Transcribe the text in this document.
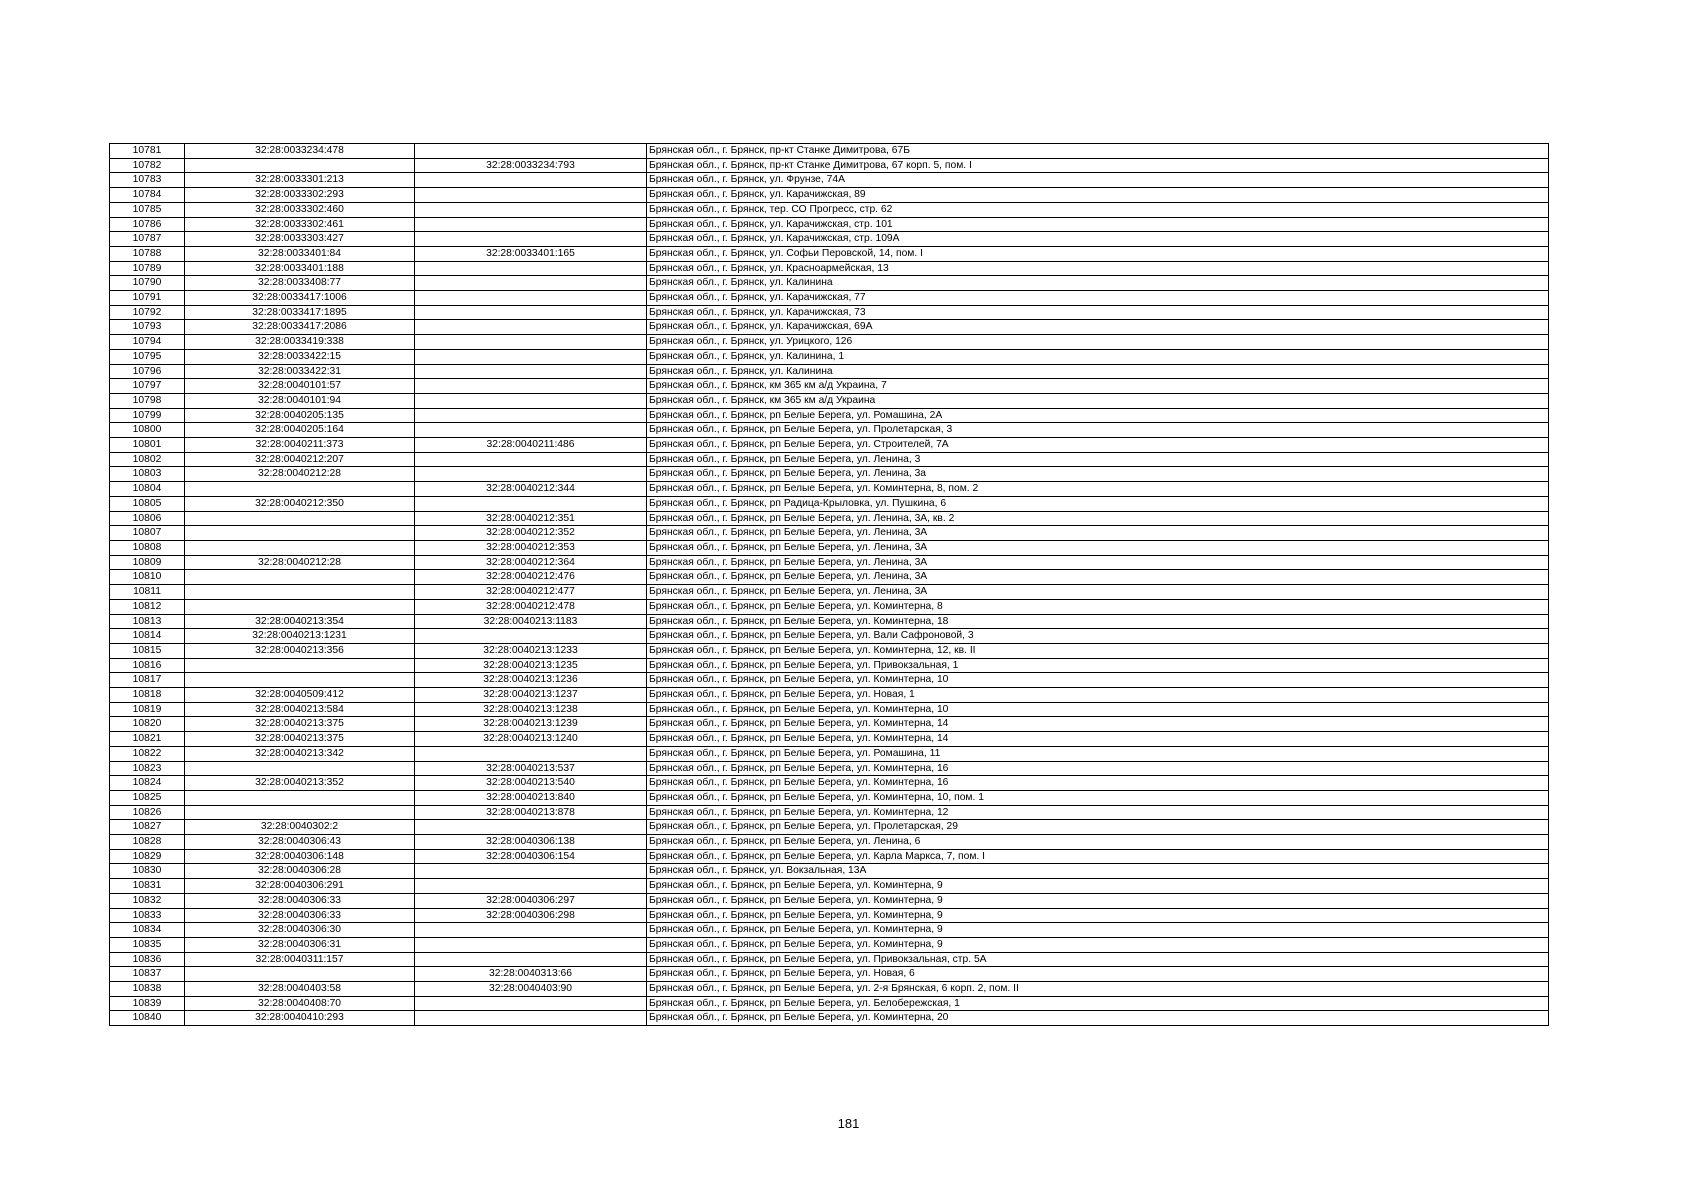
10781	32:28:0033234:478		Брянская обл., г. Брянск, пр-кт Станке Димитрова, 67Б
10782		32:28:0033234:793	Брянская обл., г. Брянск, пр-кт Станке Димитрова, 67 корп. 5, пом. I
10783	32:28:0033301:213		Брянская обл., г. Брянск, ул. Фрунзе, 74А
10784	32:28:0033302:293		Брянская обл., г. Брянск, ул. Карачижская, 89
10785	32:28:0033302:460		Брянская обл., г. Брянск, тер. СО Прогресс, стр. 62
10786	32:28:0033302:461		Брянская обл., г. Брянск, ул. Карачижская, стр. 101
10787	32:28:0033303:427		Брянская обл., г. Брянск, ул. Карачижская, стр. 109А
10788	32:28:0033401:84	32:28:0033401:165	Брянская обл., г. Брянск, ул. Софьи Перовской, 14, пом. I
10789	32:28:0033401:188		Брянская обл., г. Брянск, ул. Красноармейская, 13
10790	32:28:0033408:77		Брянская обл., г. Брянск, ул. Калинина
10791	32:28:0033417:1006		Брянская обл., г. Брянск, ул. Карачижская, 77
10792	32:28:0033417:1895		Брянская обл., г. Брянск, ул. Карачижская, 73
10793	32:28:0033417:2086		Брянская обл., г. Брянск, ул. Карачижская, 69А
10794	32:28:0033419:338		Брянская обл., г. Брянск, ул. Урицкого, 126
10795	32:28:0033422:15		Брянская обл., г. Брянск, ул. Калинина, 1
10796	32:28:0033422:31		Брянская обл., г. Брянск, ул. Калинина
10797	32:28:0040101:57		Брянская обл., г. Брянск, км 365 км а/д Украина, 7
10798	32:28:0040101:94		Брянская обл., г. Брянск, км 365 км а/д Украина
10799	32:28:0040205:135		Брянская обл., г. Брянск, рп Белые Берега, ул. Ромашина, 2А
10800	32:28:0040205:164		Брянская обл., г. Брянск, рп Белые Берега, ул. Пролетарская, 3
10801	32:28:0040211:373	32:28:0040211:486	Брянская обл., г. Брянск, рп Белые Берега, ул. Строителей, 7А
10802	32:28:0040212:207		Брянская обл., г. Брянск, рп Белые Берега, ул. Ленина, 3
10803	32:28:0040212:28		Брянская обл., г. Брянск, рп Белые Берега, ул. Ленина, 3а
10804		32:28:0040212:344	Брянская обл., г. Брянск, рп Белые Берега, ул. Коминтерна, 8, пом. 2
10805	32:28:0040212:350		Брянская обл., г. Брянск, рп Радица-Крыловка, ул. Пушкина, 6
10806		32:28:0040212:351	Брянская обл., г. Брянск, рп Белые Берега, ул. Ленина, 3А, кв. 2
10807		32:28:0040212:352	Брянская обл., г. Брянск, рп Белые Берега, ул. Ленина, 3А
10808		32:28:0040212:353	Брянская обл., г. Брянск, рп Белые Берега, ул. Ленина, 3А
10809	32:28:0040212:28	32:28:0040212:364	Брянская обл., г. Брянск, рп Белые Берега, ул. Ленина, 3А
10810		32:28:0040212:476	Брянская обл., г. Брянск, рп Белые Берега, ул. Ленина, 3А
10811		32:28:0040212:477	Брянская обл., г. Брянск, рп Белые Берега, ул. Ленина, 3А
10812		32:28:0040212:478	Брянская обл., г. Брянск, рп Белые Берега, ул. Коминтерна, 8
10813	32:28:0040213:354	32:28:0040213:1183	Брянская обл., г. Брянск, рп Белые Берега, ул. Коминтерна, 18
10814	32:28:0040213:1231		Брянская обл., г. Брянск, рп Белые Берега, ул. Вали Сафроновой, 3
10815	32:28:0040213:356	32:28:0040213:1233	Брянская обл., г. Брянск, рп Белые Берега, ул. Коминтерна, 12, кв. II
10816		32:28:0040213:1235	Брянская обл., г. Брянск, рп Белые Берега, ул. Привокзальная, 1
10817		32:28:0040213:1236	Брянская обл., г. Брянск, рп Белые Берега, ул. Коминтерна, 10
10818	32:28:0040509:412	32:28:0040213:1237	Брянская обл., г. Брянск, рп Белые Берега, ул. Новая, 1
10819	32:28:0040213:584	32:28:0040213:1238	Брянская обл., г. Брянск, рп Белые Берега, ул. Коминтерна, 10
10820	32:28:0040213:375	32:28:0040213:1239	Брянская обл., г. Брянск, рп Белые Берега, ул. Коминтерна, 14
10821	32:28:0040213:375	32:28:0040213:1240	Брянская обл., г. Брянск, рп Белые Берега, ул. Коминтерна, 14
10822	32:28:0040213:342		Брянская обл., г. Брянск, рп Белые Берега, ул. Ромашина, 11
10823		32:28:0040213:537	Брянская обл., г. Брянск, рп Белые Берега, ул. Коминтерна, 16
10824	32:28:0040213:352	32:28:0040213:540	Брянская обл., г. Брянск, рп Белые Берега, ул. Коминтерна, 16
10825		32:28:0040213:840	Брянская обл., г. Брянск, рп Белые Берега, ул. Коминтерна, 10, пом. 1
10826		32:28:0040213:878	Брянская обл., г. Брянск, рп Белые Берега, ул. Коминтерна, 12
10827	32:28:0040302:2		Брянская обл., г. Брянск, рп Белые Берега, ул. Пролетарская, 29
10828	32:28:0040306:43	32:28:0040306:138	Брянская обл., г. Брянск, рп Белые Берега, ул. Ленина, 6
10829	32:28:0040306:148	32:28:0040306:154	Брянская обл., г. Брянск, рп Белые Берега, ул. Карла Маркса, 7, пом. I
10830	32:28:0040306:28		Брянская обл., г. Брянск, ул. Вокзальная, 13А
10831	32:28:0040306:291		Брянская обл., г. Брянск, рп Белые Берега, ул. Коминтерна, 9
10832	32:28:0040306:33	32:28:0040306:297	Брянская обл., г. Брянск, рп Белые Берега, ул. Коминтерна, 9
10833	32:28:0040306:33	32:28:0040306:298	Брянская обл., г. Брянск, рп Белые Берега, ул. Коминтерна, 9
10834	32:28:0040306:30		Брянская обл., г. Брянск, рп Белые Берега, ул. Коминтерна, 9
10835	32:28:0040306:31		Брянская обл., г. Брянск, рп Белые Берега, ул. Коминтерна, 9
10836	32:28:0040311:157		Брянская обл., г. Брянск, рп Белые Берега, ул. Привокзальная, стр. 5А
10837		32:28:0040313:66	Брянская обл., г. Брянск, рп Белые Берега, ул. Новая, 6
10838	32:28:0040403:58	32:28:0040403:90	Брянская обл., г. Брянск, рп Белые Берега, ул. 2-я Брянская, 6 корп. 2, пом. II
10839	32:28:0040408:70		Брянская обл., г. Брянск, рп Белые Берега, ул. Белобережская, 1
10840	32:28:0040410:293		Брянская обл., г. Брянск, рп Белые Берега, ул. Коминтерна, 20
181
